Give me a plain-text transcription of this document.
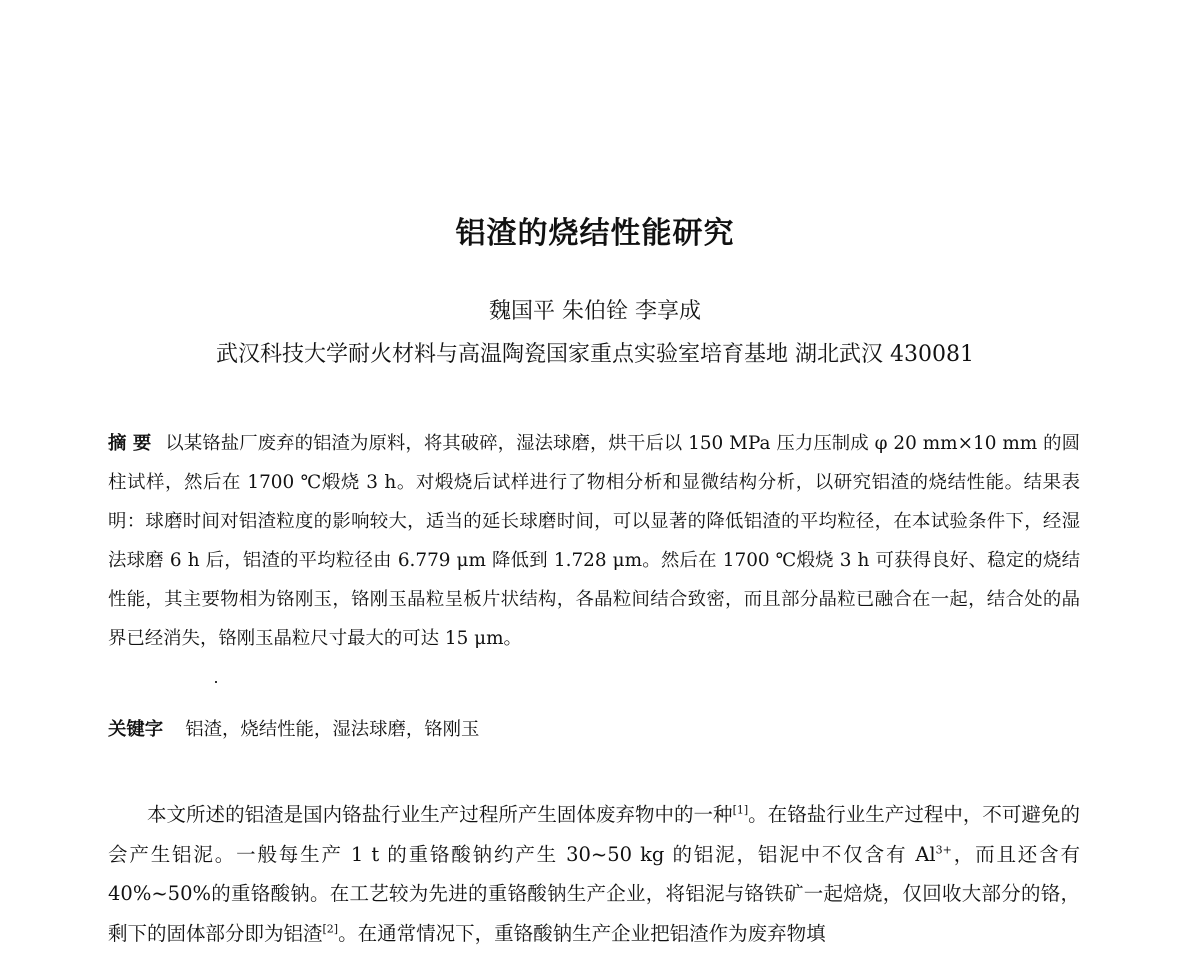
铝渣的烧结性能研究

魏国平 朱伯铨 李享成

武汉科技大学耐火材料与高温陶瓷国家重点实验室培育基地 湖北武汉 430081

摘 要 以某铬盐厂废弃的铝渣为原料，将其破碎，湿法球磨，烘干后以 150 MPa 压力压制成 φ 20 mm×10 mm 的圆柱试样，然后在 1700 ℃煅烧 3 h。对煅烧后试样进行了物相分析和显微结构分析，以研究铝渣的烧结性能。结果表明：球磨时间对铝渣粒度的影响较大，适当的延长球磨时间，可以显著的降低铝渣的平均粒径，在本试验条件下，经湿法球磨 6 h 后，铝渣的平均粒径由 6.779 μm 降低到 1.728 μm。然后在 1700 ℃煅烧 3 h 可获得良好、稳定的烧结性能，其主要物相为铬刚玉，铬刚玉晶粒呈板片状结构，各晶粒间结合致密，而且部分晶粒已融合在一起，结合处的晶界已经消失，铬刚玉晶粒尺寸最大的可达 15 μm。

关键字 铝渣，烧结性能，湿法球磨，铬刚玉

本文所述的铝渣是国内铬盐行业生产过程所产生固体废弃物中的一种[1]。在铬盐行业生产过程中，不可避免的会产生铝泥。一般每生产 1 t 的重铬酸钠约产生 30~50 kg 的铝泥，铝泥中不仅含有 $Al^{3+}$，而且还含有 40%~50%的重铬酸钠。在工艺较为先进的重铬酸钠生产企业，将铝泥与铬铁矿一起焙烧，仅回收大部分的铬，剩下的固体部分即为铝渣[2]。在通常情况下，重铬酸钠生产企业把铝渣作为废弃物填
